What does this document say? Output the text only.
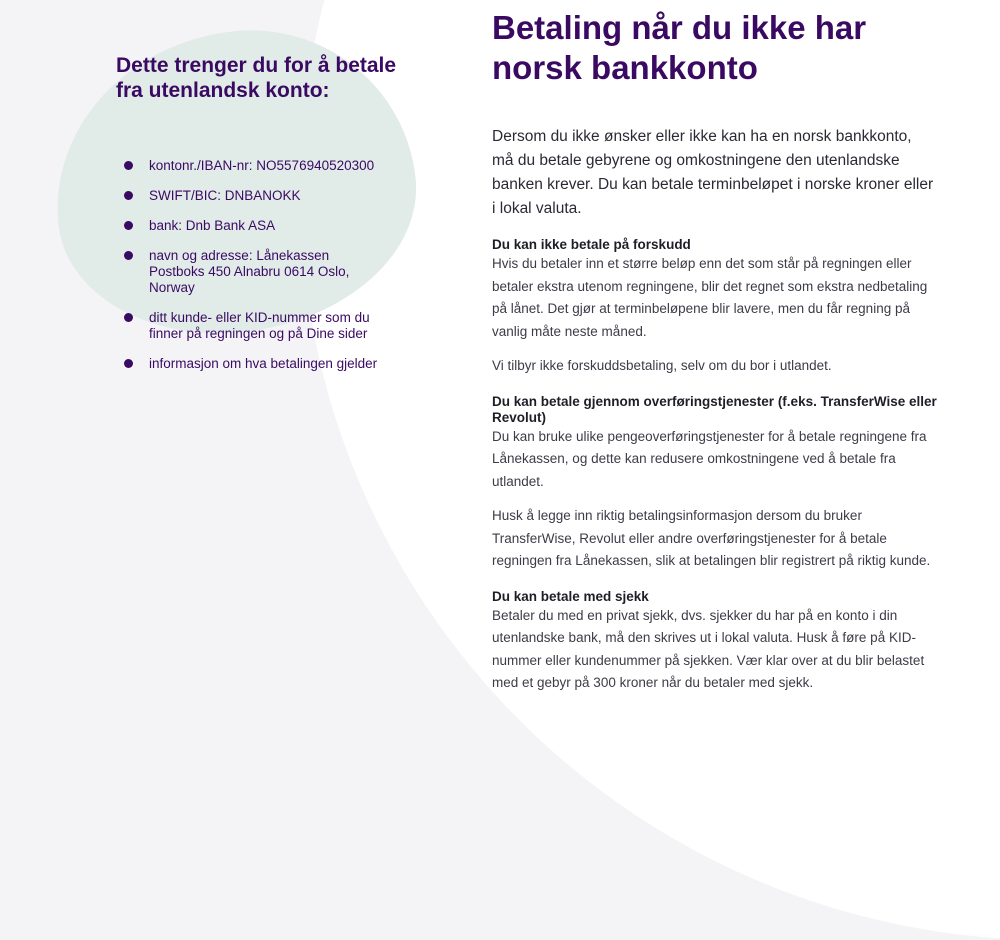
Dette trenger du for å betale fra utenlandsk konto:
kontonr./IBAN-nr: NO5576940520300
SWIFT/BIC: DNBANOKK
bank: Dnb Bank ASA
navn og adresse: Lånekassen Postboks 450 Alnabru 0614 Oslo, Norway
ditt kunde- eller KID-nummer som du finner på regningen og på Dine sider
informasjon om hva betalingen gjelder
Betaling når du ikke har
norsk bankkonto

Dersom du ikke ønsker eller ikke kan ha en norsk bankkonto, må du betale gebyrene og omkostningene den utenlandske banken krever. Du kan betale terminbeløpet i norske kroner eller i lokal valuta.

Du kan ikke betale på forskudd

Hvis du betaler inn et større beløp enn det som står på regningen eller betaler ekstra utenom regningene, blir det regnet som ekstra nedbetaling på lånet. Det gjør at terminbeløpene blir lavere, men du får regning på vanlig måte neste måned.

Vi tilbyr ikke forskuddsbetaling, selv om du bor i utlandet.

Du kan betale gjennom overføringstjenester (f.eks. TransferWise eller Revolut)

Du kan bruke ulike pengeoverføringstjenester for å betale regningene fra Lånekassen, og dette kan redusere omkostningene ved å betale fra utlandet.

Husk å legge inn riktig betalingsinformasjon dersom du bruker TransferWise, Revolut eller andre overføringstjenester for å betale regningen fra Lånekassen, slik at betalingen blir registrert på riktig kunde.

Du kan betale med sjekk

Betaler du med en privat sjekk, dvs. sjekker du har på en konto i din utenlandske bank, må den skrives ut i lokal valuta. Husk å føre på KID-nummer eller kundenummer på sjekken. Vær klar over at du blir belastet med et gebyr på 300 kroner når du betaler med sjekk.
